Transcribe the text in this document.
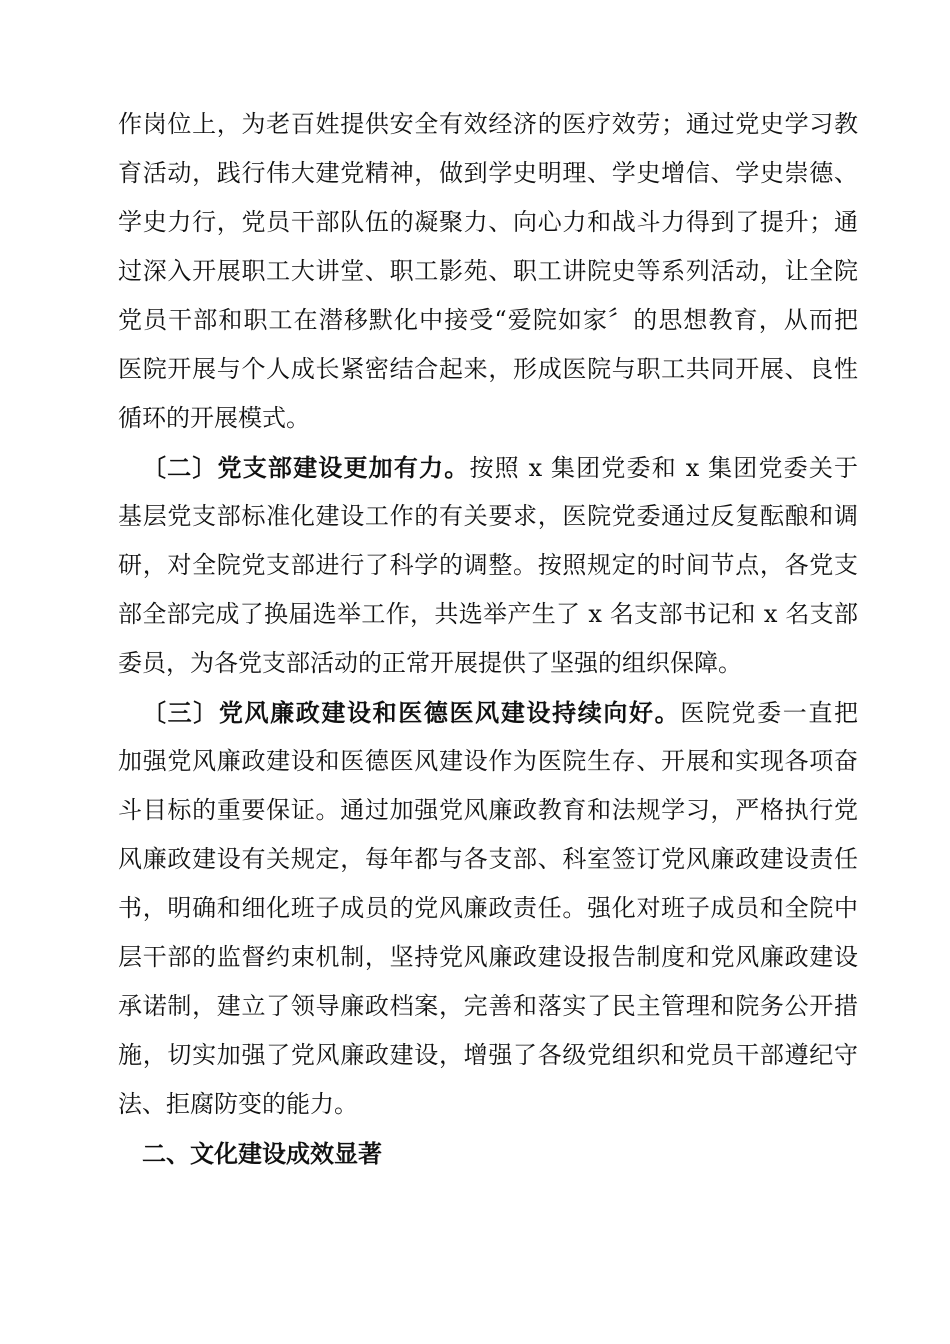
作岗位上，为老百姓提供安全有效经济的医疗效劳；通过党史学习教
育活动，践行伟大建党精神，做到学史明理、学史增信、学史崇德、
学史力行，党员干部队伍的凝聚力、向心力和战斗力得到了提升；通
过深入开展职工大讲堂、职工影苑、职工讲院史等系列活动，让全院
党员干部和职工在潜移默化中接受“爱院如家〞的思想教育，从而把
医院开展与个人成长紧密结合起来，形成医院与职工共同开展、良性
循环的开展模式。
〔二〕党支部建设更加有力。按照 x 集团党委和 x 集团党委关于
基层党支部标准化建设工作的有关要求，医院党委通过反复酝酿和调
研，对全院党支部进行了科学的调整。按照规定的时间节点，各党支
部全部完成了换届选举工作，共选举产生了 x 名支部书记和 x 名支部
委员，为各党支部活动的正常开展提供了坚强的组织保障。
〔三〕党风廉政建设和医德医风建设持续向好。医院党委一直把
加强党风廉政建设和医德医风建设作为医院生存、开展和实现各项奋
斗目标的重要保证。通过加强党风廉政教育和法规学习，严格执行党
风廉政建设有关规定，每年都与各支部、科室签订党风廉政建设责任
书，明确和细化班子成员的党风廉政责任。强化对班子成员和全院中
层干部的监督约束机制，坚持党风廉政建设报告制度和党风廉政建设
承诺制，建立了领导廉政档案，完善和落实了民主管理和院务公开措
施，切实加强了党风廉政建设，增强了各级党组织和党员干部遵纪守
法、拒腐防变的能力。
二、文化建设成效显著
